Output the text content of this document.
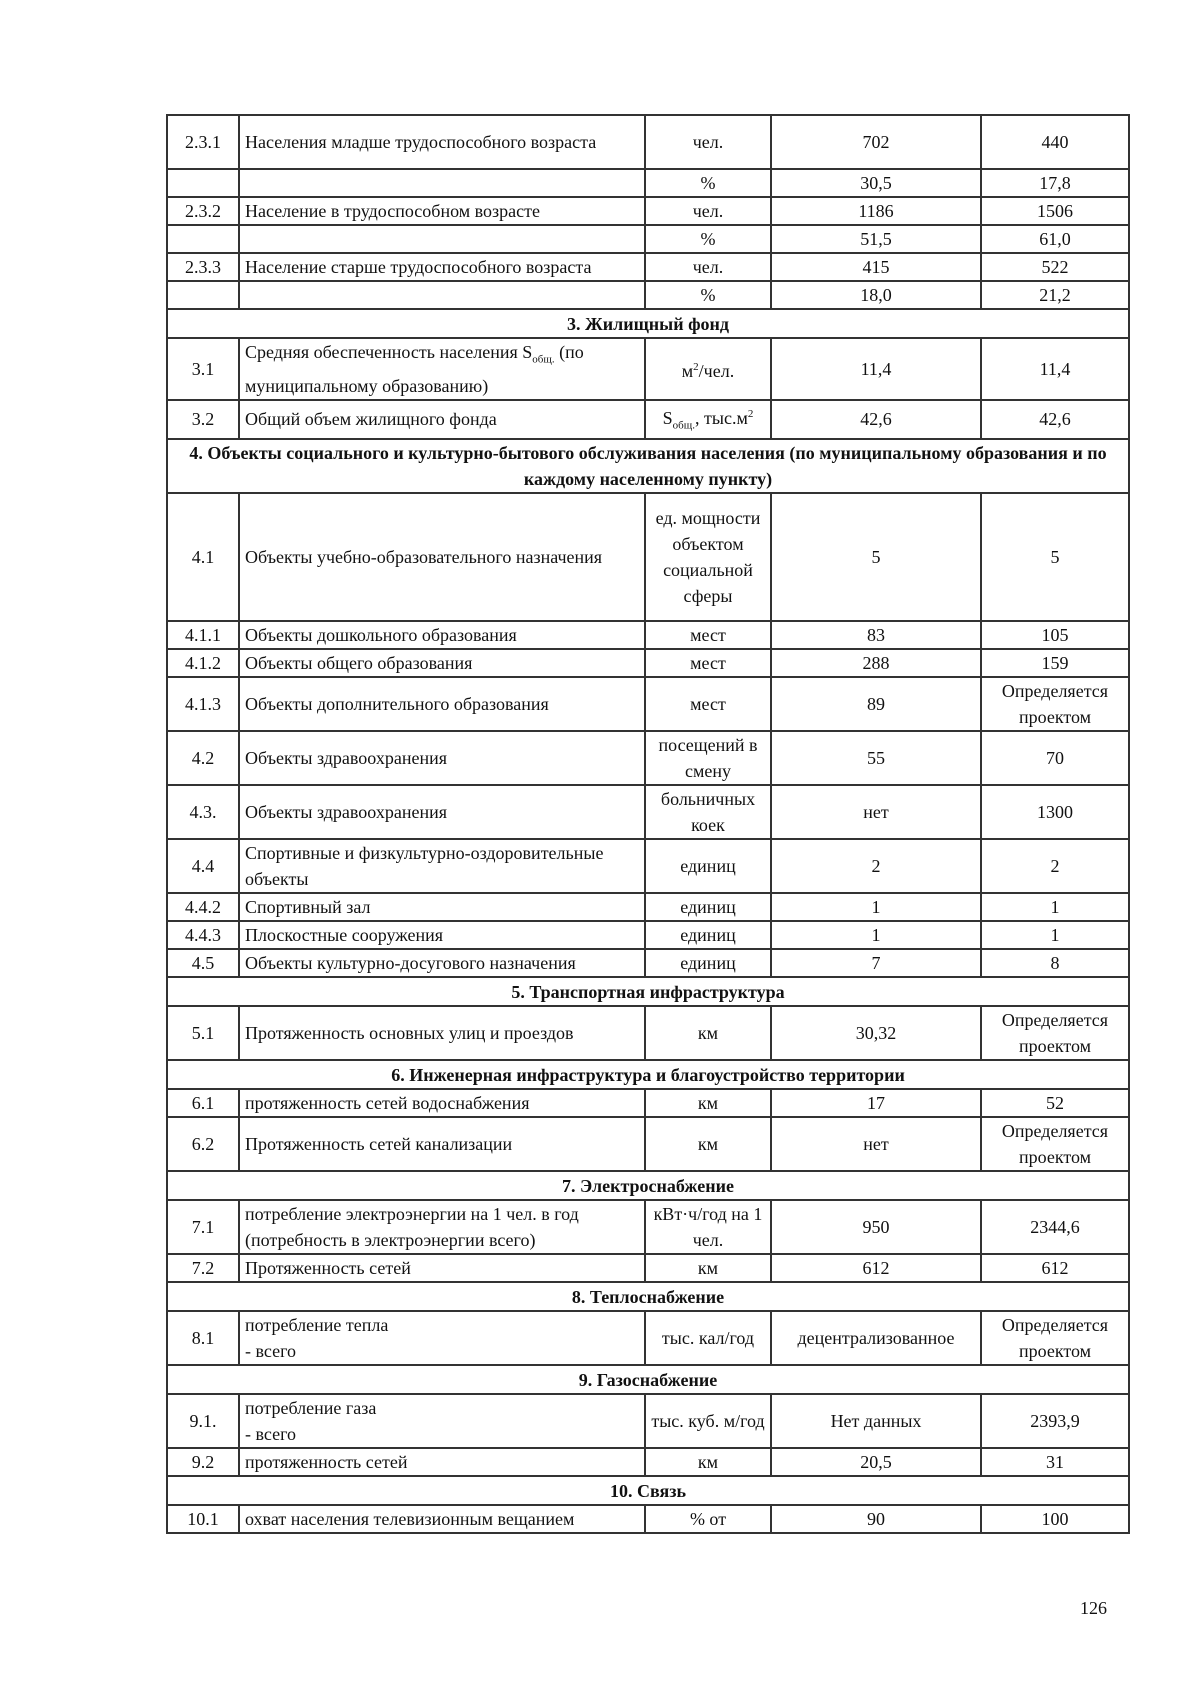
2.3.1	Населения младше трудоспособного возраста	чел.	702	440
		%	30,5	17,8
2.3.2	Население в трудоспособном возрасте	чел.	1186	1506
		%	51,5	61,0
2.3.3	Население старше трудоспособного возраста	чел.	415	522
		%	18,0	21,2
3. Жилищный фонд				
3.1	Средняя обеспеченность населения $S_{общ.}$ (по муниципальному образованию)	$м^2$/чел.	11,4	11,4
3.2	Общий объем жилищного фонда	$S_{общ.}$, $тыс.м^2$	42,6	42,6
4. Объекты социального и культурно-бытового обслуживания населения (по муниципальному образования и по каждому населенному пункту)				
4.1	Объекты учебно-образовательного назначения	ед. мощности объектом социальной сферы	5	5
4.1.1	Объекты дошкольного образования	мест	83	105
4.1.2	Объекты общего образования	мест	288	159
4.1.3	Объекты дополнительного образования	мест	89	Определяется проектом
4.2	Объекты здравоохранения	посещений в смену	55	70
4.3.	Объекты здравоохранения	больничных коек	нет	1300
4.4	Спортивные и физкультурно-оздоровительные объекты	единиц	2	2
4.4.2	Спортивный зал	единиц	1	1
4.4.3	Плоскостные сооружения	единиц	1	1
4.5	Объекты культурно-досугового назначения	единиц	7	8
5. Транспортная инфраструктура				
5.1	Протяженность основных улиц и проездов	км	30,32	Определяется проектом
6. Инженерная инфраструктура и благоустройство территории				
6.1	протяженность сетей водоснабжения	км	17	52
6.2	Протяженность сетей канализации	км	нет	Определяется проектом
7. Электроснабжение				
7.1	потребление электроэнергии на 1 чел. в год (потребность в электроэнергии всего)	кВт·ч/год на 1 чел.	950	2344,6
7.2	Протяженность сетей	км	612	612
8. Теплоснабжение				
8.1	потребление тепла
- всего	тыс. кал/год	децентрализованное	Определяется проектом
9. Газоснабжение				
9.1.	потребление газа
- всего	тыс. куб. м/год	Нет данных	2393,9
9.2	протяженность сетей	км	20,5	31
10. Связь				
10.1	охват населения телевизионным вещанием	% от	90	100
126
